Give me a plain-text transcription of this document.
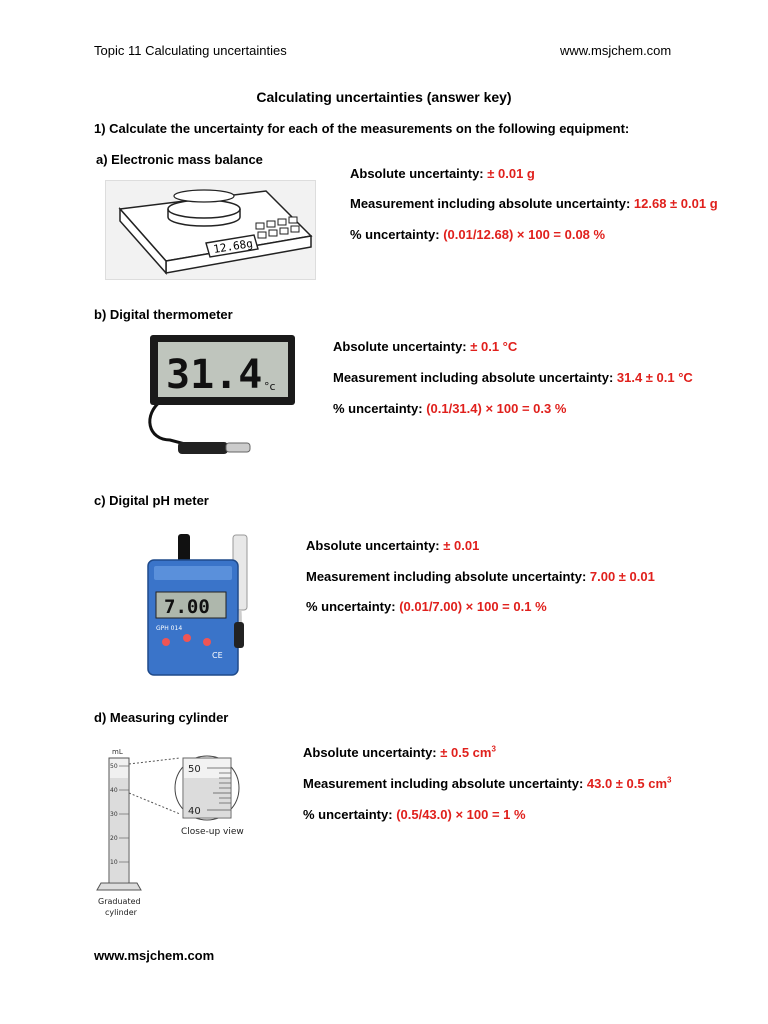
Topic 11 Calculating uncertainties	www.msjchem.com
Calculating uncertainties (answer key)
1) Calculate the uncertainty for each of the measurements on the following equipment:
a) Electronic mass balance
12.68g
Absolute uncertainty: ± 0.01 g
Measurement including absolute uncertainty: 12.68 ± 0.01 g
% uncertainty: (0.01/12.68) × 100 = 0.08 %
b) Digital thermometer
31.4 °c
Absolute uncertainty: ± 0.1 °C
Measurement including absolute uncertainty: 31.4 ± 0.1 °C
% uncertainty: (0.1/31.4) × 100 = 0.3 %
c) Digital pH meter
7.00
GPH 014
CE
Absolute uncertainty: ± 0.01
Measurement including absolute uncertainty: 7.00 ± 0.01
% uncertainty: (0.01/7.00) × 100 = 0.1 %
d) Measuring cylinder
mL
50
40
30
20
10
50
40
Close-up view
Graduated
cylinder
Absolute uncertainty: ± 0.5 $cm^3$
Measurement including absolute uncertainty: 43.0 ± 0.5 $cm^3$
% uncertainty: (0.5/43.0) × 100 = 1 %
www.msjchem.com
